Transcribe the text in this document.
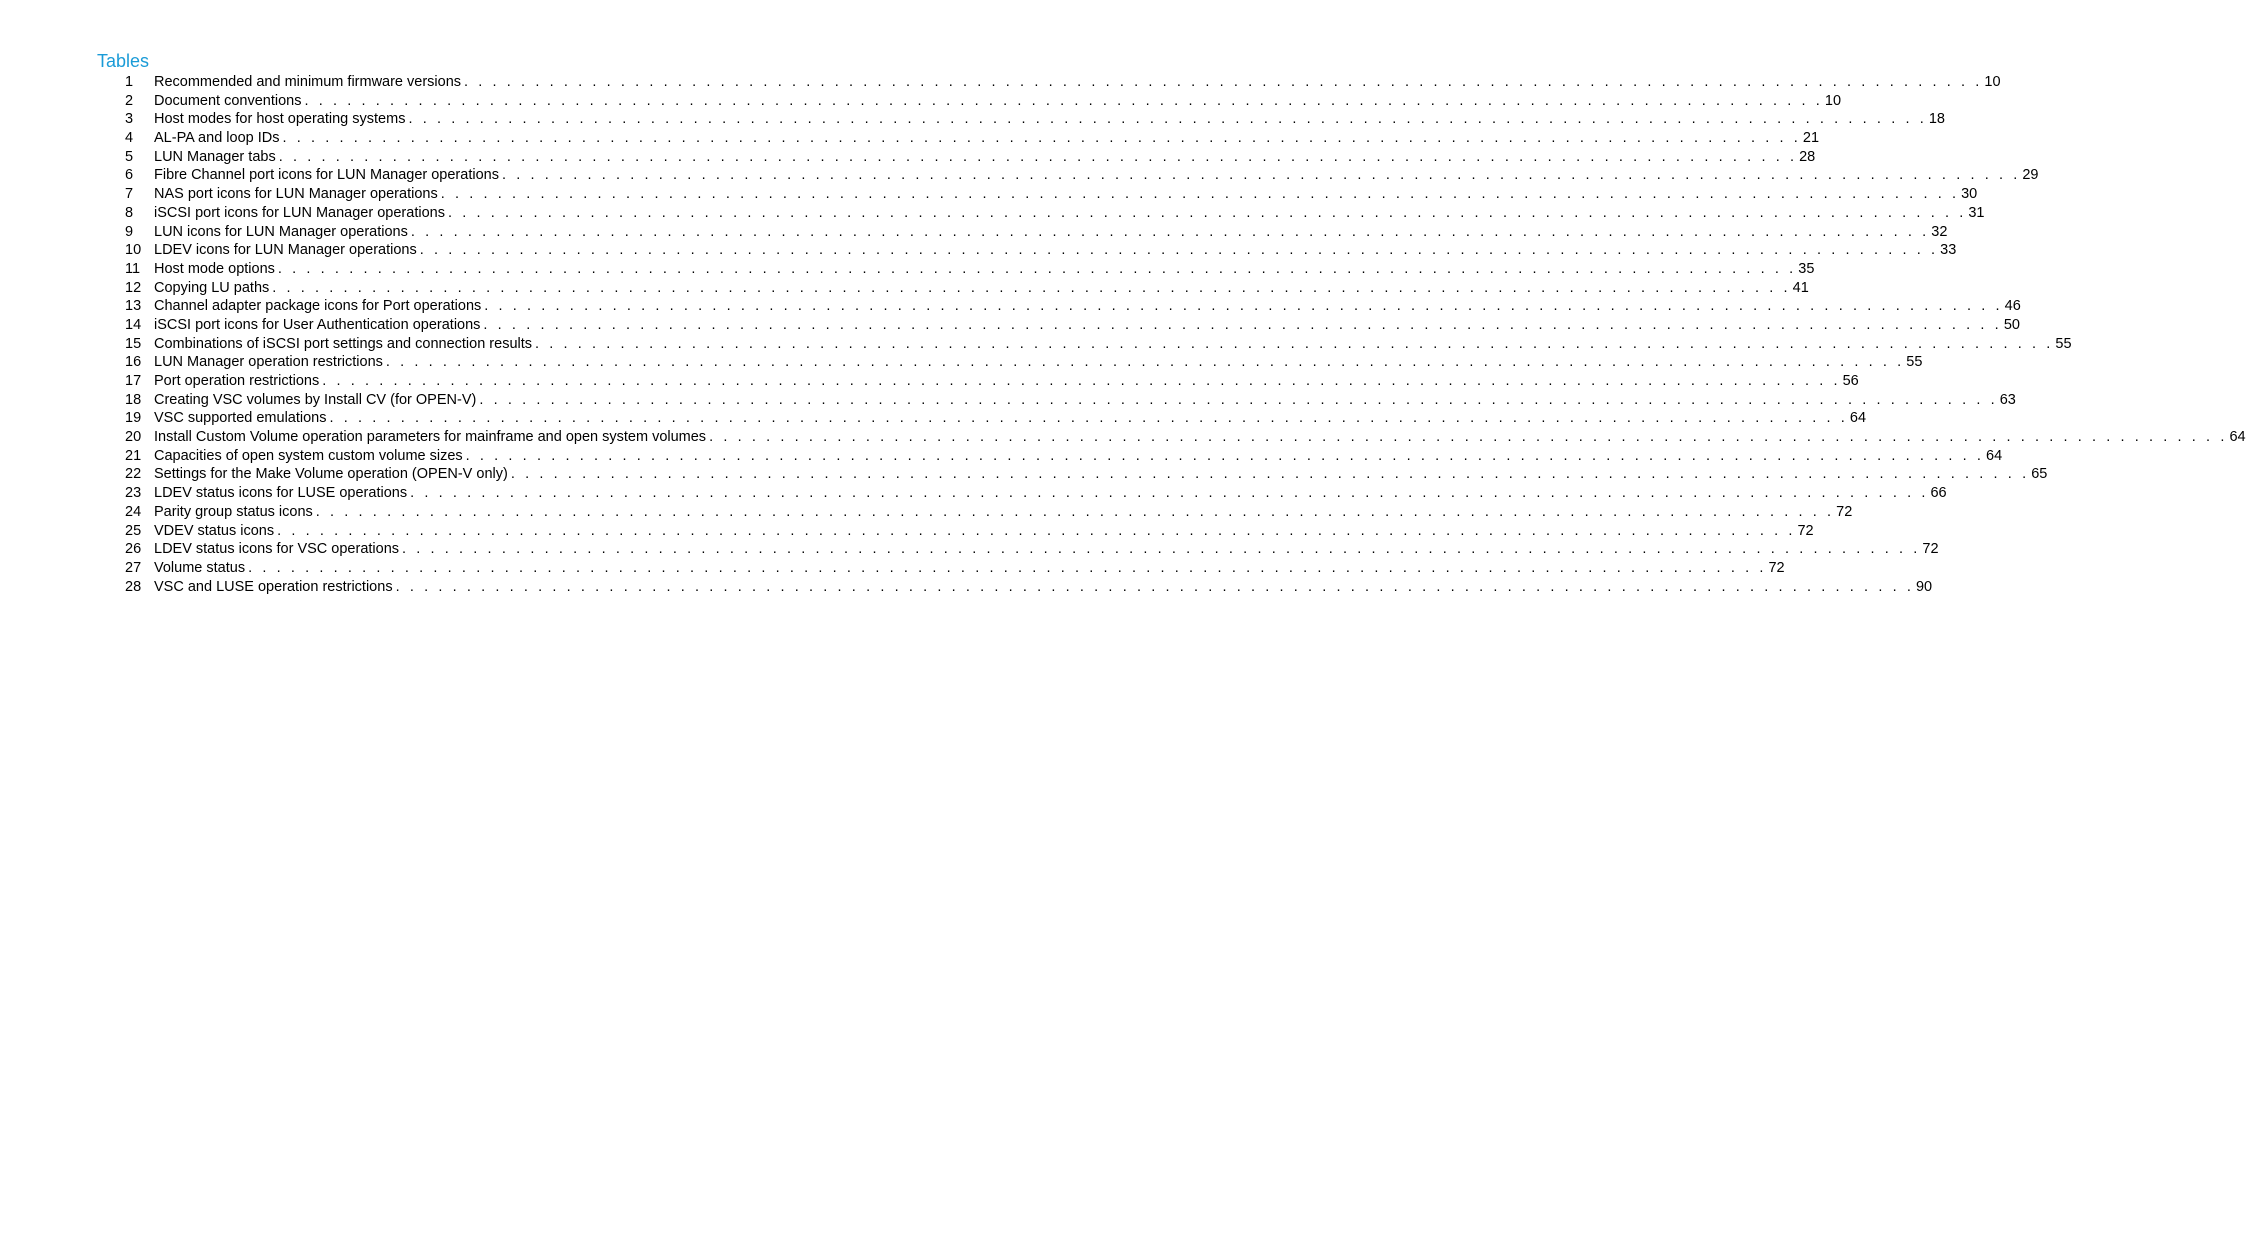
Tables
1	Recommended and minimum firmware versions . . . . . . . . . . . . . . . . . . . . . . . . . . . . . . . . . . . . . . . . . . . . . . . . . . . . . . . . . . . . . . . . . . . . . . . . . . . . . . . . . . . . . . . . . . . . . . . . . . . . . . . . . . . 10
2	Document conventions . . . . . . . . . . . . . . . . . . . . . . . . . . . . . . . . . . . . . . . . . . . . . . . . . . . . . . . . . . . . . . . . . . . . . . . . . . . . . . . . . . . . . . . . . . . . . . . . . . . . . . . . . . . 10
3	Host modes for host operating systems . . . . . . . . . . . . . . . . . . . . . . . . . . . . . . . . . . . . . . . . . . . . . . . . . . . . . . . . . . . . . . . . . . . . . . . . . . . . . . . . . . . . . . . . . . . . . . . . . . . . . . . . . . . 18
4	AL-PA and loop IDs . . . . . . . . . . . . . . . . . . . . . . . . . . . . . . . . . . . . . . . . . . . . . . . . . . . . . . . . . . . . . . . . . . . . . . . . . . . . . . . . . . . . . . . . . . . . . . . . . . . . . . . . . . . 21
5	LUN Manager tabs . . . . . . . . . . . . . . . . . . . . . . . . . . . . . . . . . . . . . . . . . . . . . . . . . . . . . . . . . . . . . . . . . . . . . . . . . . . . . . . . . . . . . . . . . . . . . . . . . . . . . . . . . . . 28
6	Fibre Channel port icons for LUN Manager operations . . . . . . . . . . . . . . . . . . . . . . . . . . . . . . . . . . . . . . . . . . . . . . . . . . . . . . . . . . . . . . . . . . . . . . . . . . . . . . . . . . . . . . . . . . . . . . . . . . . . . . . . . . . 29
7	NAS port icons for LUN Manager operations . . . . . . . . . . . . . . . . . . . . . . . . . . . . . . . . . . . . . . . . . . . . . . . . . . . . . . . . . . . . . . . . . . . . . . . . . . . . . . . . . . . . . . . . . . . . . . . . . . . . . . . . . . . 30
8	iSCSI port icons for LUN Manager operations . . . . . . . . . . . . . . . . . . . . . . . . . . . . . . . . . . . . . . . . . . . . . . . . . . . . . . . . . . . . . . . . . . . . . . . . . . . . . . . . . . . . . . . . . . . . . . . . . . . . . . . . . . . 31
9	LUN icons for LUN Manager operations . . . . . . . . . . . . . . . . . . . . . . . . . . . . . . . . . . . . . . . . . . . . . . . . . . . . . . . . . . . . . . . . . . . . . . . . . . . . . . . . . . . . . . . . . . . . . . . . . . . . . . . . . . . 32
10 LDEV icons for LUN Manager operations . . . . . . . . . . . . . . . . . . . . . . . . . . . . . . . . . . . . . . . . . . . . . . . . . . . . . . . . . . . . . . . . . . . . . . . . . . . . . . . . . . . . . . . . . . . . . . . . . . . . . . . . . . . 33
11 Host mode options . . . . . . . . . . . . . . . . . . . . . . . . . . . . . . . . . . . . . . . . . . . . . . . . . . . . . . . . . . . . . . . . . . . . . . . . . . . . . . . . . . . . . . . . . . . . . . . . . . . . . . . . . . . 35
12 Copying LU paths . . . . . . . . . . . . . . . . . . . . . . . . . . . . . . . . . . . . . . . . . . . . . . . . . . . . . . . . . . . . . . . . . . . . . . . . . . . . . . . . . . . . . . . . . . . . . . . . . . . . . . . . . . . 41
13 Channel adapter package icons for Port operations . . . . . . . . . . . . . . . . . . . . . . . . . . . . . . . . . . . . . . . . . . . . . . . . . . . . . . . . . . . . . . . . . . . . . . . . . . . . . . . . . . . . . . . . . . . . . . . . . . . . . . . . . . . 46
14 iSCSI port icons for User Authentication operations . . . . . . . . . . . . . . . . . . . . . . . . . . . . . . . . . . . . . . . . . . . . . . . . . . . . . . . . . . . . . . . . . . . . . . . . . . . . . . . . . . . . . . . . . . . . . . . . . . . . . . . . . . . 50
15 Combinations of iSCSI port settings and connection results . . . . . . . . . . . . . . . . . . . . . . . . . . . . . . . . . . . . . . . . . . . . . . . . . . . . . . . . . . . . . . . . . . . . . . . . . . . . . . . . . . . . . . . . . . . . . . . . . . . . . . . . . . . 55
16 LUN Manager operation restrictions . . . . . . . . . . . . . . . . . . . . . . . . . . . . . . . . . . . . . . . . . . . . . . . . . . . . . . . . . . . . . . . . . . . . . . . . . . . . . . . . . . . . . . . . . . . . . . . . . . . . . . . . . . . 55
17 Port operation restrictions . . . . . . . . . . . . . . . . . . . . . . . . . . . . . . . . . . . . . . . . . . . . . . . . . . . . . . . . . . . . . . . . . . . . . . . . . . . . . . . . . . . . . . . . . . . . . . . . . . . . . . . . . . . 56
18 Creating VSC volumes by Install CV (for OPEN-V) . . . . . . . . . . . . . . . . . . . . . . . . . . . . . . . . . . . . . . . . . . . . . . . . . . . . . . . . . . . . . . . . . . . . . . . . . . . . . . . . . . . . . . . . . . . . . . . . . . . . . . . . . . . 63
19 VSC supported emulations . . . . . . . . . . . . . . . . . . . . . . . . . . . . . . . . . . . . . . . . . . . . . . . . . . . . . . . . . . . . . . . . . . . . . . . . . . . . . . . . . . . . . . . . . . . . . . . . . . . . . . . . . . . 64
20 Install Custom Volume operation parameters for mainframe and open system volumes . . . . . . . . . . . . . . . . . . . . . . . . . . . . . . . . . . . . . . . . . . . . . . . . . . . . . . . . . . . . . . . . . . . . . . . . . . . . . . . . . . . . . . . . . . . . . . . . . . . . . . . . . . . 64
21 Capacities of open system custom volume sizes . . . . . . . . . . . . . . . . . . . . . . . . . . . . . . . . . . . . . . . . . . . . . . . . . . . . . . . . . . . . . . . . . . . . . . . . . . . . . . . . . . . . . . . . . . . . . . . . . . . . . . . . . . . 64
22 Settings for the Make Volume operation (OPEN-V only) . . . . . . . . . . . . . . . . . . . . . . . . . . . . . . . . . . . . . . . . . . . . . . . . . . . . . . . . . . . . . . . . . . . . . . . . . . . . . . . . . . . . . . . . . . . . . . . . . . . . . . . . . . . 65
23 LDEV status icons for LUSE operations . . . . . . . . . . . . . . . . . . . . . . . . . . . . . . . . . . . . . . . . . . . . . . . . . . . . . . . . . . . . . . . . . . . . . . . . . . . . . . . . . . . . . . . . . . . . . . . . . . . . . . . . . . . 66
24 Parity group status icons . . . . . . . . . . . . . . . . . . . . . . . . . . . . . . . . . . . . . . . . . . . . . . . . . . . . . . . . . . . . . . . . . . . . . . . . . . . . . . . . . . . . . . . . . . . . . . . . . . . . . . . . . . . 72
25 VDEV status icons . . . . . . . . . . . . . . . . . . . . . . . . . . . . . . . . . . . . . . . . . . . . . . . . . . . . . . . . . . . . . . . . . . . . . . . . . . . . . . . . . . . . . . . . . . . . . . . . . . . . . . . . . . . 72
26 LDEV status icons for VSC operations . . . . . . . . . . . . . . . . . . . . . . . . . . . . . . . . . . . . . . . . . . . . . . . . . . . . . . . . . . . . . . . . . . . . . . . . . . . . . . . . . . . . . . . . . . . . . . . . . . . . . . . . . . . 72
27 Volume status . . . . . . . . . . . . . . . . . . . . . . . . . . . . . . . . . . . . . . . . . . . . . . . . . . . . . . . . . . . . . . . . . . . . . . . . . . . . . . . . . . . . . . . . . . . . . . . . . . . . . . . . . . . 72
28 VSC and LUSE operation restrictions . . . . . . . . . . . . . . . . . . . . . . . . . . . . . . . . . . . . . . . . . . . . . . . . . . . . . . . . . . . . . . . . . . . . . . . . . . . . . . . . . . . . . . . . . . . . . . . . . . . . . . . . . . . 90
